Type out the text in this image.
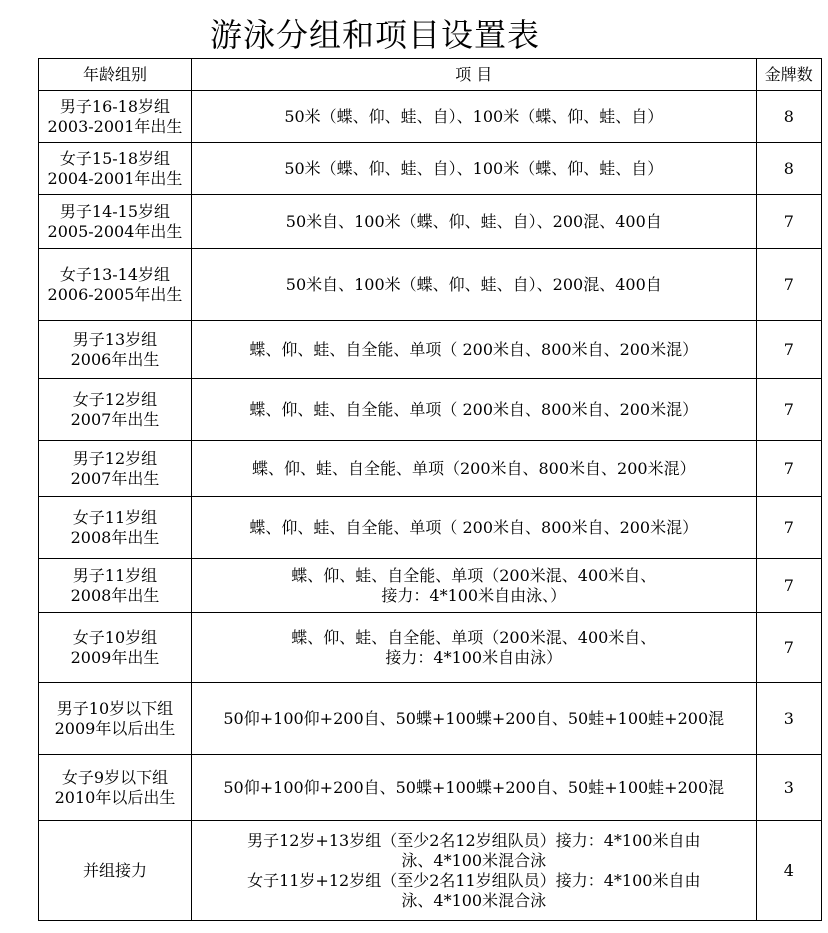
游泳分组和项目设置表
年龄组别	项 目	金牌数

男子16-18岁组
2003-2001年出生	50米（蝶、仰、蛙、自）、100米（蝶、仰、蛙、自）	8

女子15-18岁组
2004-2001年出生	50米（蝶、仰、蛙、自）、100米（蝶、仰、蛙、自）	8

男子14-15岁组
2005-2004年出生	50米自、100米（蝶、仰、蛙、自）、200混、400自	7

女子13-14岁组
2006-2005年出生	50米自、100米（蝶、仰、蛙、自）、200混、400自	7

男子13岁组
2006年出生	蝶、仰、蛙、自全能、单项（ 200米自、800米自、200米混）	7

女子12岁组
2007年出生	蝶、仰、蛙、自全能、单项（ 200米自、800米自、200米混）	7

男子12岁组
2007年出生	蝶、仰、蛙、自全能、单项（200米自、800米自、200米混）	7

女子11岁组
2008年出生	蝶、仰、蛙、自全能、单项（ 200米自、800米自、200米混）	7

男子11岁组
2008年出生	蝶、仰、蛙、自全能、单项（200米混、400米自、
接力：4*100米自由泳、）	7

女子10岁组
2009年出生	蝶、仰、蛙、自全能、单项（200米混、400米自、
接力：4*100米自由泳）	7

男子10岁以下组
2009年以后出生	50仰+100仰+200自、50蝶+100蝶+200自、50蛙+100蛙+200混	3

女子9岁以下组
2010年以后出生	50仰+100仰+200自、50蝶+100蝶+200自、50蛙+100蛙+200混	3

并组接力	男子12岁+13岁组（至少2名12岁组队员）接力：4*100米自由
泳、4*100米混合泳
女子11岁+12岁组（至少2名11岁组队员）接力：4*100米自由
泳、4*100米混合泳	4
